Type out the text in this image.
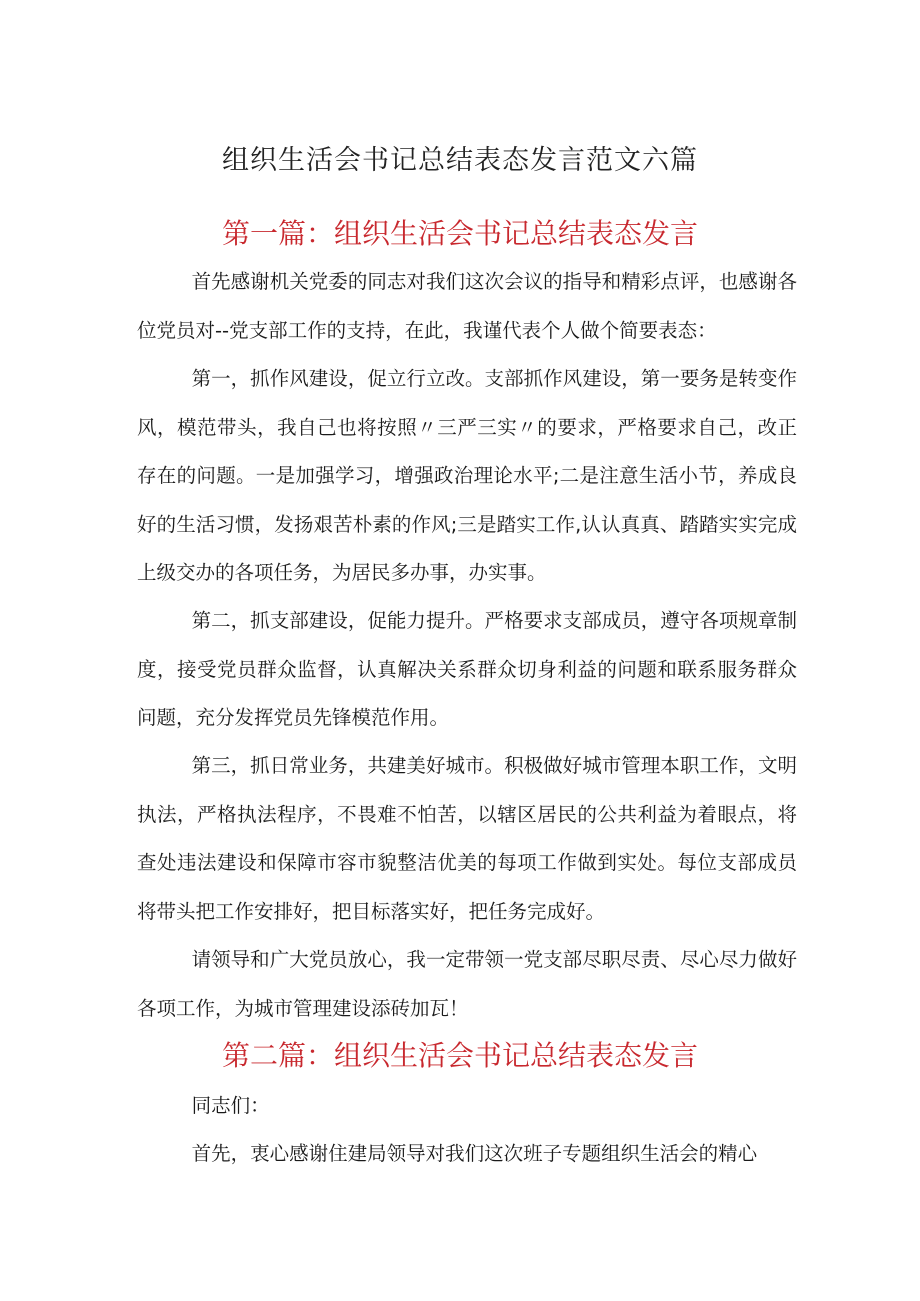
组织生活会书记总结表态发言范文六篇
第一篇：组织生活会书记总结表态发言

首先感谢机关党委的同志对我们这次会议的指导和精彩点评，也感谢各位党员对--党支部工作的支持，在此，我谨代表个人做个简要表态：

第一，抓作风建设，促立行立改。支部抓作风建设，第一要务是转变作风，模范带头，我自己也将按照〃三严三实〃的要求，严格要求自己，改正存在的问题。一是加强学习，增强政治理论水平;二是注意生活小节，养成良好的生活习惯，发扬艰苦朴素的作风;三是踏实工作,认认真真、踏踏实实完成上级交办的各项任务，为居民多办事，办实事。

第二，抓支部建设，促能力提升。严格要求支部成员，遵守各项规章制度，接受党员群众监督，认真解决关系群众切身利益的问题和联系服务群众问题，充分发挥党员先锋模范作用。

第三，抓日常业务，共建美好城市。积极做好城市管理本职工作，文明执法，严格执法程序，不畏难不怕苦，以辖区居民的公共利益为着眼点，将查处违法建设和保障市容市貌整洁优美的每项工作做到实处。每位支部成员将带头把工作安排好，把目标落实好，把任务完成好。

请领导和广大党员放心，我一定带领一党支部尽职尽责、尽心尽力做好各项工作，为城市管理建设添砖加瓦！

第二篇：组织生活会书记总结表态发言

同志们：

首先，衷心感谢住建局领导对我们这次班子专题组织生活会的精心
